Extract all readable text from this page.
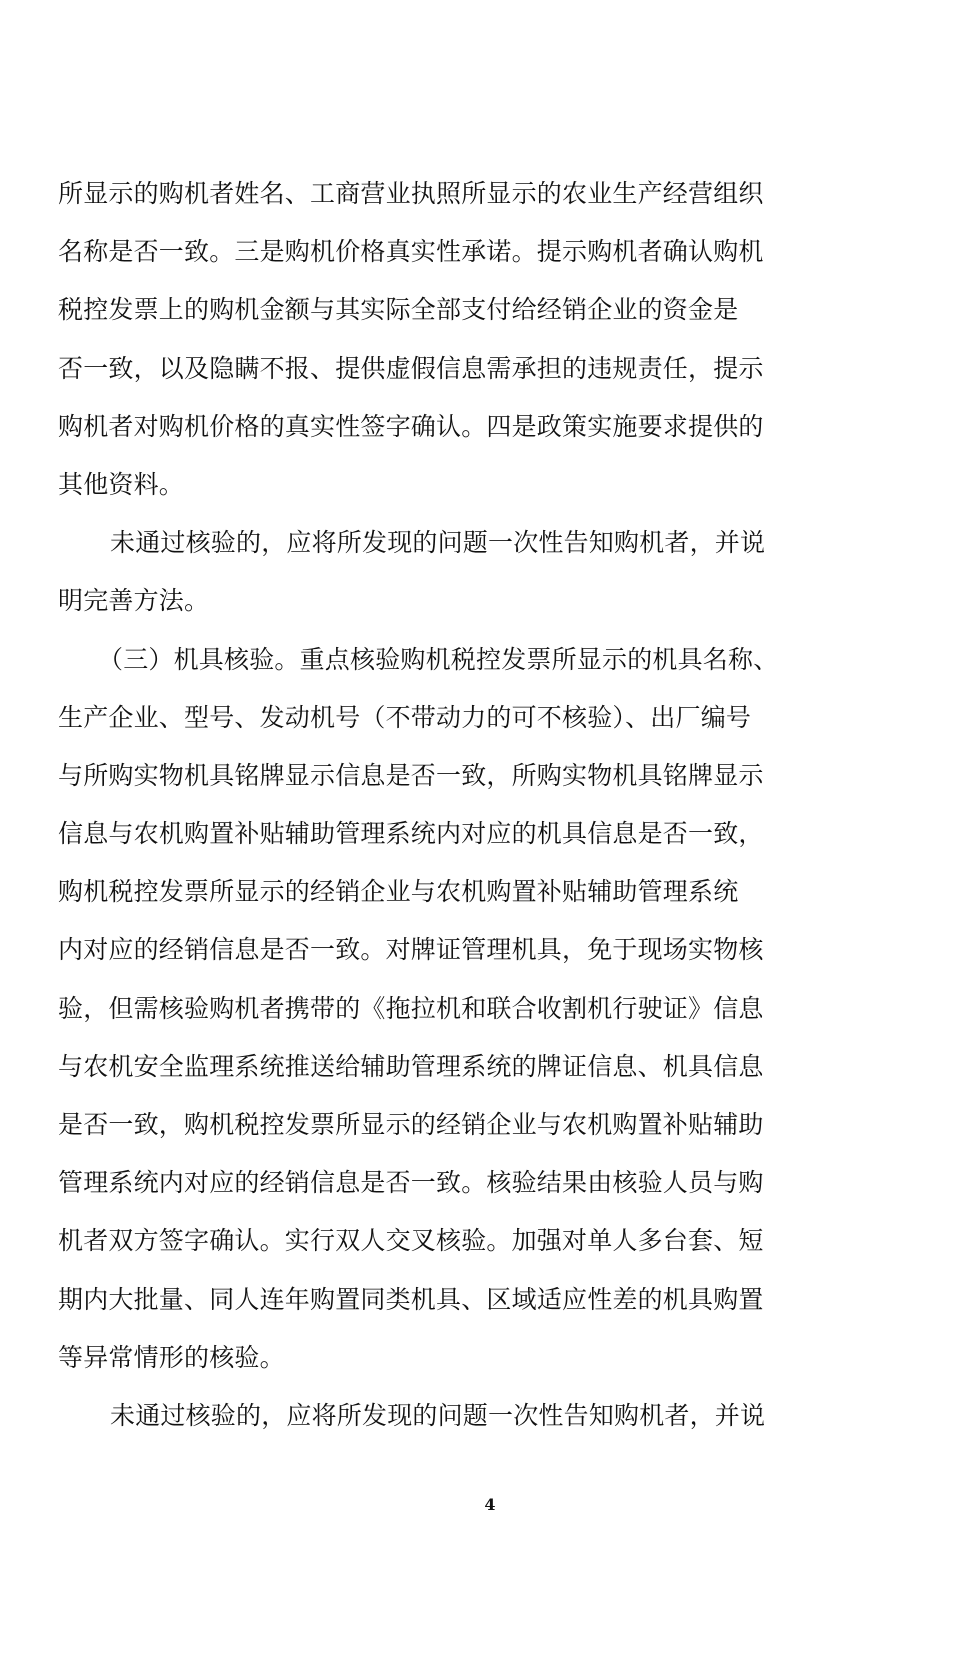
所显示的购机者姓名、工商营业执照所显示的农业生产经营组织
名称是否一致。三是购机价格真实性承诺。提示购机者确认购机
税控发票上的购机金额与其实际全部支付给经销企业的资金是
否一致，以及隐瞒不报、提供虚假信息需承担的违规责任，提示
购机者对购机价格的真实性签字确认。四是政策实施要求提供的
其他资料。
未通过核验的，应将所发现的问题一次性告知购机者，并说
明完善方法。
（三）机具核验。重点核验购机税控发票所显示的机具名称、
生产企业、型号、发动机号（不带动力的可不核验）、出厂编号
与所购实物机具铭牌显示信息是否一致，所购实物机具铭牌显示
信息与农机购置补贴辅助管理系统内对应的机具信息是否一致，
购机税控发票所显示的经销企业与农机购置补贴辅助管理系统
内对应的经销信息是否一致。对牌证管理机具，免于现场实物核
验，但需核验购机者携带的《拖拉机和联合收割机行驶证》信息
与农机安全监理系统推送给辅助管理系统的牌证信息、机具信息
是否一致，购机税控发票所显示的经销企业与农机购置补贴辅助
管理系统内对应的经销信息是否一致。核验结果由核验人员与购
机者双方签字确认。实行双人交叉核验。加强对单人多台套、短
期内大批量、同人连年购置同类机具、区域适应性差的机具购置
等异常情形的核验。
未通过核验的，应将所发现的问题一次性告知购机者，并说
4
